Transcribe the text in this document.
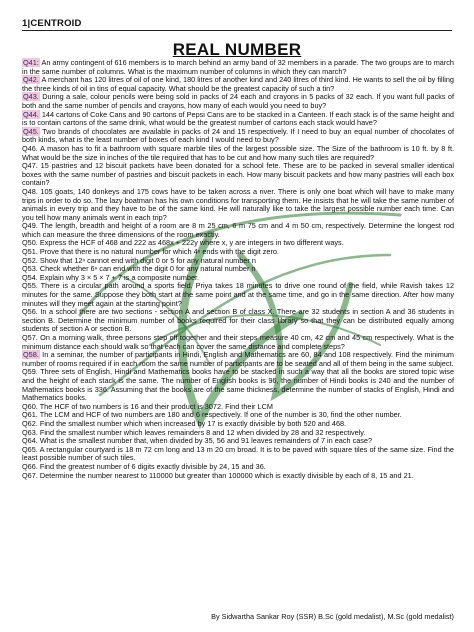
1|CENTROID
REAL NUMBER
Q41: An army contingent of 616 members is to march behind an army band of 32 members in a parade. The two groups are to march in the same number of columns. What is the maximum number of columns in which they can march?
Q42. A merchant has 120 litres of oil of one kind, 180 litres of another kind and 240 litres of third kind. He wants to sell the oil by filling the three kinds of oil in tins of equal capacity. What should be the greatest capacity of such a tin?
Q43. During a sale, colour pencils were being sold in packs of 24 each and crayons in 5 packs of 32 each. If you want full packs of both and the same number of pencils and crayons, how many of each would you need to buy?
Q44. 144 cartons of Coke Cans and 90 cartons of Pepsi Cans are to be stacked in a Canteen. If each stack is of the same height and is to contain cartons of the same drink, what would be the greatest number of cartons each stack would have?
Q45. Two brands of chocolates are available in packs of 24 and 15 respectively. If I need to buy an equal number of chocolates of both kinds, what is the least number of boxes of each kind I would need to buy?
Q46. A mason has to fit a bathroom with square marble tiles of the largest possible size. The Size of the bathroom is 10 ft. by 8 ft. What would be the size in inches of the tile required that has to be cut and how many such tiles are required?
Q47. 15 pastries and 12 biscuit packets have been donated for a school fete. These are to be packed in several smaller identical boxes with the same number of pastries and biscuit packets in each. How many biscuit packets and how many pastries will each box contain?
Q48. 105 goats, 140 donkeys and 175 cows have to be taken across a river. There is only one boat which will have to make many trips in order to do so. The lazy boatman has his own conditions for transporting them. He insists that he will take the same number of animals in every trip and they have to be of the same kind. He will naturally like to take the largest possible number each time. Can you tell how many animals went in each trip?
Q49. The length, breadth and height of a room are 8 m 25 cm, 6 m 75 cm and 4 m 50 cm, respectively. Determine the longest rod which can measure the three dimensions of the room exactly.
Q50. Express the HCF of 468 and 222 as 468x + 222y where x, y are integers in two different ways.
Q51. Prove that there is no natural number for which 4ⁿ ends with the digit zero.
Q52. Show that 12ⁿ cannot end with digit 0 or 5 for any natural number n
Q53. Check whether 6ⁿ can end with the digit 0 for any natural number n
Q54. Explain why 3 × 5 × 7 + 7 is a composite number.
Q55. There is a circular path around a sports field. Priya takes 18 minutes to drive one round of the field, while Ravish takes 12 minutes for the same. Suppose they both start at the same point and at the same time, and go in the same direction. After how many minutes will they meet again at the starting point?
Q56. In a school there are two sections - section A and section B of class X. There are 32 students in section A and 36 students in section B. Determine the minimum number of books required for their class library so that they can be distributed equally among students of section A or section B.
Q57. On a morning walk, three persons step off together and their steps measure 40 cm, 42 cm and 45 cm respectively. What is the minimum distance each should walk so that each can cover the same distance and complete steps?
Q58. In a seminar, the number of participants in Hindi, English and Mathematics are 60, 84 and 108 respectively. Find the minimum number of rooms required if in each room the same number of participants are to be seated and all of them being in the same subject.
Q59. Three sets of English, Hindi and Mathematics books have to be stacked in such a way that all the books are stored topic wise and the height of each stack is the same. The number of English books is 96, the number of Hindi books is 240 and the number of Mathematics books is 336. Assuming that the books are of the same thickness, determine the number of stacks of English, Hindi and Mathematics books.
Q60. The HCF of two numbers is 16 and their product is 3072. Find their LCM
Q61. The LCM and HCF of two numbers are 180 and 6 respectively. If one of the number is 30, find the other number.
Q62. Find the smallest number which when increased by 17 is exactly divisible by both 520 and 468.
Q63. Find the smallest number which leaves remainders 8 and 12 when divided by 28 and 32 respectively.
Q64. What is the smallest number that, when divided by 35, 56 and 91 leaves remainders of 7 in each case?
Q65. A rectangular courtyard is 18 m 72 cm long and 13 m 20 cm broad. It is to be paved with square tiles of the same size. Find the least possible number of such tiles.
Q66. Find the greatest number of 6 digits exactly divisible by 24, 15 and 36.
Q67. Determine the number nearest to 110000 but greater than 100000 which is exactly divisible by each of 8, 15 and 21.
By Sidwartha Sankar Roy (SSR) B.Sc (gold medalist), M.Sc (gold medalist)
